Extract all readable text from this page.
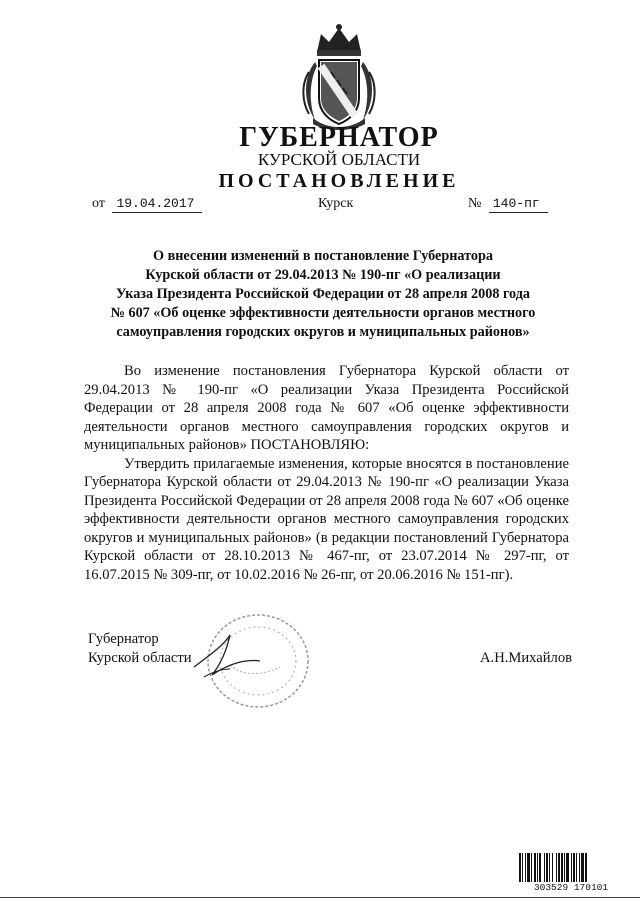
ГУБЕРНАТОР
КУРСКОЙ ОБЛАСТИ
ПОСТАНОВЛЕНИЕ
от 19.04.2017	Курск	№ 140-пг
О внесении изменений в постановление Губернатора
Курской области от 29.04.2013 № 190-пг «О реализации
Указа Президента Российской Федерации от 28 апреля 2008 года
№ 607 «Об оценке эффективности деятельности органов местного
самоуправления городских округов и муниципальных районов»

Во изменение постановления Губернатора Курской области от 29.04.2013 № 190-пг «О реализации Указа Президента Российской Федерации от 28 апреля 2008 года № 607 «Об оценке эффективности деятельности органов местного самоуправления городских округов и муниципальных районов» ПОСТАНОВЛЯЮ:

Утвердить прилагаемые изменения, которые вносятся в постановление Губернатора Курской области от 29.04.2013 № 190-пг «О реализации Указа Президента Российской Федерации от 28 апреля 2008 года № 607 «Об оценке эффективности деятельности органов местного самоуправления городских округов и муниципальных районов» (в редакции постановлений Губернатора Курской области от 28.10.2013 № 467-пг, от 23.07.2014 № 297-пг, от 16.07.2015 № 309-пг, от 10.02.2016 № 26-пг, от 20.06.2016 № 151-пг).

Губернатор
Курской области	А.Н.Михайлов
303529 170101
